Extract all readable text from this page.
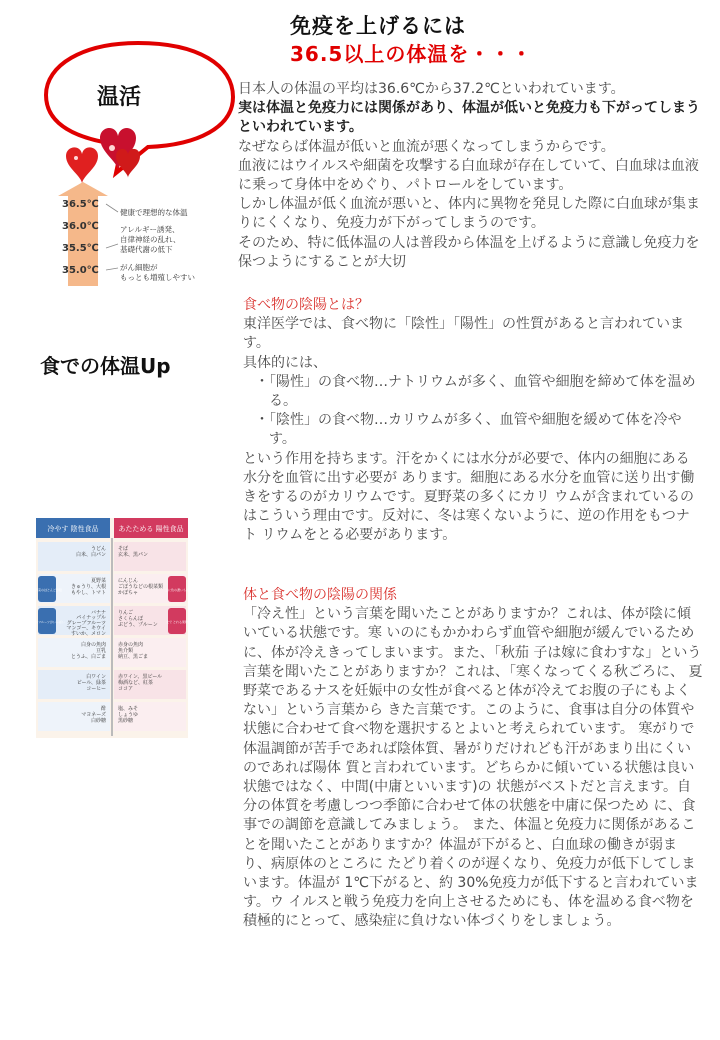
免疫を上げるには
36.5以上の体温を・・・
温活
36.5℃
36.0℃
35.5℃
35.0℃
健康で理想的な体温
アレルギー誘発、
自律神経の乱れ、
基礎代謝の低下
がん細胞が
もっとも増殖しやすい
日本人の体温の平均は36.6℃から37.2℃といわれています。
実は体温と免疫力には関係があり、体温が低いと免疫力も下がってしまうといわれています。
なぜならば体温が低いと血流が悪くなってしまうからです。
血液にはウイルスや細菌を攻撃する白血球が存在していて、白血球は血液に乗って身体中をめぐり、パトロールをしています。
しかし体温が低く血流が悪いと、体内に異物を発見した際に白血球が集まりにくくなり、免疫力が下がってしまうのです。
そのため、特に低体温の人は普段から体温を上げるように意識し免疫力を保つようにすることが大切
食での体温Up
食べ物の陰陽とは？
東洋医学では、食べ物に「陰性」「陽性」の性質があると言われています。
具体的には、
・「陽性」の食べ物…ナトリウムが多く、血管や細胞を締めて体を温める。
・「陰性」の食べ物…カリウムが多く、血管や細胞を緩めて体を冷やす。
という作用を持ちます。汗をかくには水分が必要で、体内の細胞にある水分を血管に出す必要が あります。細胞にある水分を血管に送り出す働きをするのがカリウムです。夏野菜の多くにカリ ウムが含まれているのはこういう理由です。反対に、冬は寒くないように、逆の作用をもつナト リウムをとる必要があります。
冷やす 陰性食品	あたためる 陽性食品
うどん
白米、白パン
そば
玄米、黒パン
夏野菜
きゅうり、大根
もやし、トマト
にんじん
ごぼうなどの根菜類
かぼちゃ
バナナ
パイナップル
グレープフルーツ
マンゴー、キウイ
すいか、メロン
りんご
さくらんぼ
ぶどう、プルーン
白身の魚肉
豆乳
とうふ、白ごま
赤身の魚肉
魚介類
納豆、黒ごま
白ワイン
ビール、緑茶
コーヒー
赤ワイン、黒ビール
梅酒など、紅茶
ココア
酢
マヨネーズ
白砂糖
塩、みそ
しょうゆ
黒砂糖
夏野菜のほとんどが陰
人気のフルーツがいっぱい
土に色の濃いもの
北で とれる果物
体と食べ物の陰陽の関係
「冷え性」という言葉を聞いたことがありますか？これは、体が陰に傾いている状態です。寒 いのにもかかわらず血管や細胞が緩んでいるために、体が冷えきってしまいます。また、「秋茄 子は嫁に食わすな」という言葉を聞いたことがありますか？これは、「寒くなってくる秋ごろに、 夏野菜であるナスを妊娠中の女性が食べると体が冷えてお腹の子にもよくない」という言葉から きた言葉です。このように、食事は自分の体質や状態に合わせて食べ物を選択するとよいと考えられています。 寒がりで体温調節が苦手であれば陰体質、暑がりだけれども汗があまり出にくいのであれば陽体 質と言われています。どちらかに傾いている状態は良い状態ではなく、中間(中庸といいます)の 状態がベストだと言えます。自分の体質を考慮しつつ季節に合わせて体の状態を中庸に保つため に、食事での調節を意識してみましょう。 また、体温と免疫力に関係があることを聞いたことがありますか？体温が下がると、白血球の働きが弱まり、病原体のところに たどり着くのが遅くなり、免疫力が低下してしまいます。体温が 1℃下がると、約 30%免疫力が低下すると言われています。ウ イルスと戦う免疫力を向上させるためにも、体を温める食べ物を 積極的にとって、感染症に負けない体づくりをしましょう。
